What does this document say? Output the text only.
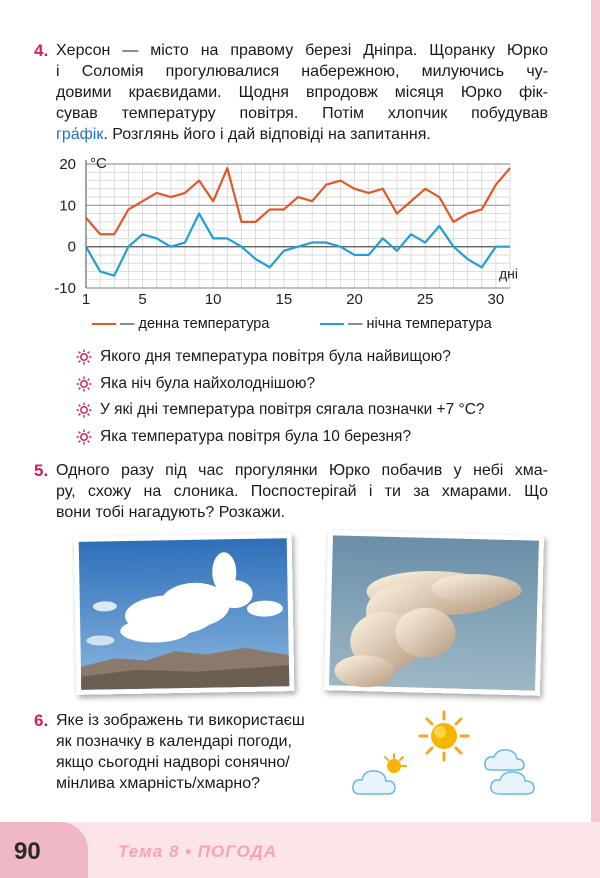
4. Херсон — місто на правому березі Дніпра. Щоранку Юрко
і Соломія прогулювалися набережною, милуючись чу-
довими краєвидами. Щодня впродовж місяця Юрко фік-
сував температуру повітря. Потім хлопчик побудував
гра́фік. Розглянь його і дай відповіді на запитання.
20
10
0
-10
1	5	10	15	20	25	30
°C
дні
— денна температура	— нічна температура
Якого дня температура повітря була найвищою?
Яка ніч була найхолоднішою?
У які дні температура повітря сягала позначки +7 °С?
Яка температура повітря була 10 березня?
5. Одного разу під час прогулянки Юрко побачив у небі хма-
ру, схожу на слоника. Поспостерігай і ти за хмарами. Що
вони тобі нагадують? Розкажи.
6. Яке із зображень ти використаєш
як позначку в календарі погоди,
якщо сьогодні надворі сонячно/
мінлива хмарність/хмарно?
90	Тема 8 • ПОГОДА
